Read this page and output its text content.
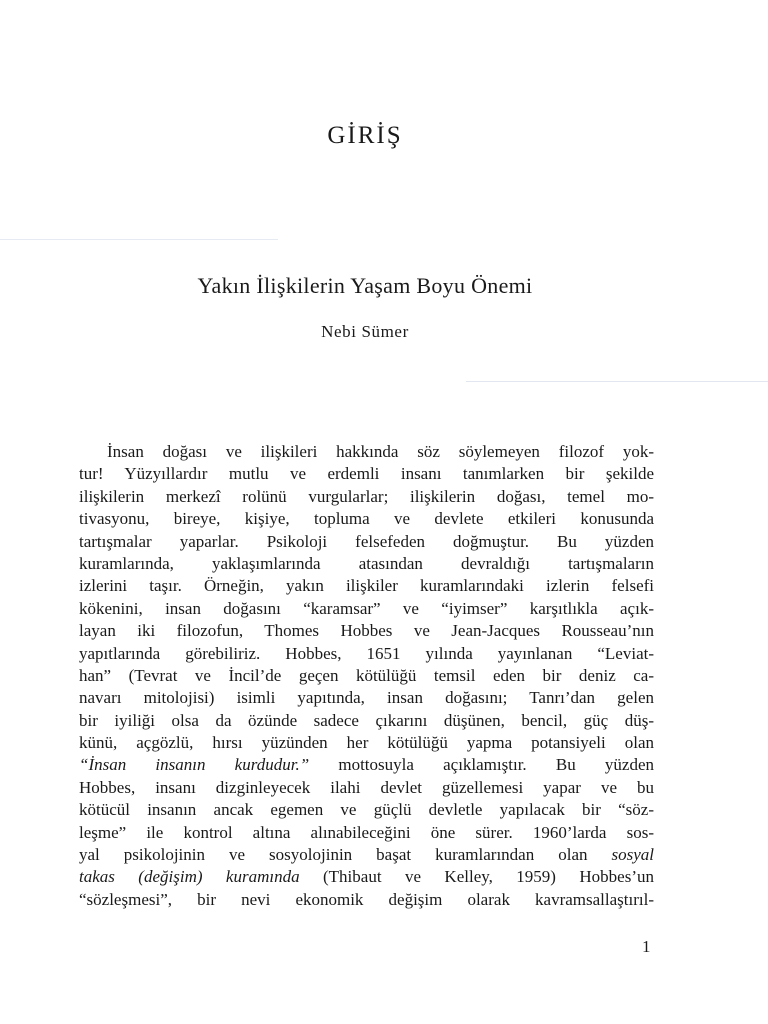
GİRİŞ
Yakın İlişkilerin Yaşam Boyu Önemi

Nebi Sümer

İnsan doğası ve ilişkileri hakkında söz söylemeyen filozof yok-
tur! Yüzyıllardır mutlu ve erdemli insanı tanımlarken bir şekilde
ilişkilerin merkezî rolünü vurgularlar; ilişkilerin doğası, temel mo-
tivasyonu, bireye, kişiye, topluma ve devlete etkileri konusunda
tartışmalar yaparlar. Psikoloji felsefeden doğmuştur. Bu yüzden
kuramlarında, yaklaşımlarında atasından devraldığı tartışmaların
izlerini taşır. Örneğin, yakın ilişkiler kuramlarındaki izlerin felsefi
kökenini, insan doğasını “karamsar” ve “iyimser” karşıtlıkla açık-
layan iki filozofun, Thomes Hobbes ve Jean-Jacques Rousseau’nın
yapıtlarında görebiliriz. Hobbes, 1651 yılında yayınlanan “Leviat-
han” (Tevrat ve İncil’de geçen kötülüğü temsil eden bir deniz ca-
navarı mitolojisi) isimli yapıtında, insan doğasını; Tanrı’dan gelen
bir iyiliği olsa da özünde sadece çıkarını düşünen, bencil, güç düş-
künü, açgözlü, hırsı yüzünden her kötülüğü yapma potansiyeli olan
“İnsan insanın kurdudur.” mottosuyla açıklamıştır. Bu yüzden
Hobbes, insanı dizginleyecek ilahi devlet güzellemesi yapar ve bu
kötücül insanın ancak egemen ve güçlü devletle yapılacak bir “söz-
leşme” ile kontrol altına alınabileceğini öne sürer. 1960’larda sos-
yal psikolojinin ve sosyolojinin başat kuramlarından olan sosyal
takas (değişim) kuramında (Thibaut ve Kelley, 1959) Hobbes’un
“sözleşmesi”, bir nevi ekonomik değişim olarak kavramsallaştırıl-
1
